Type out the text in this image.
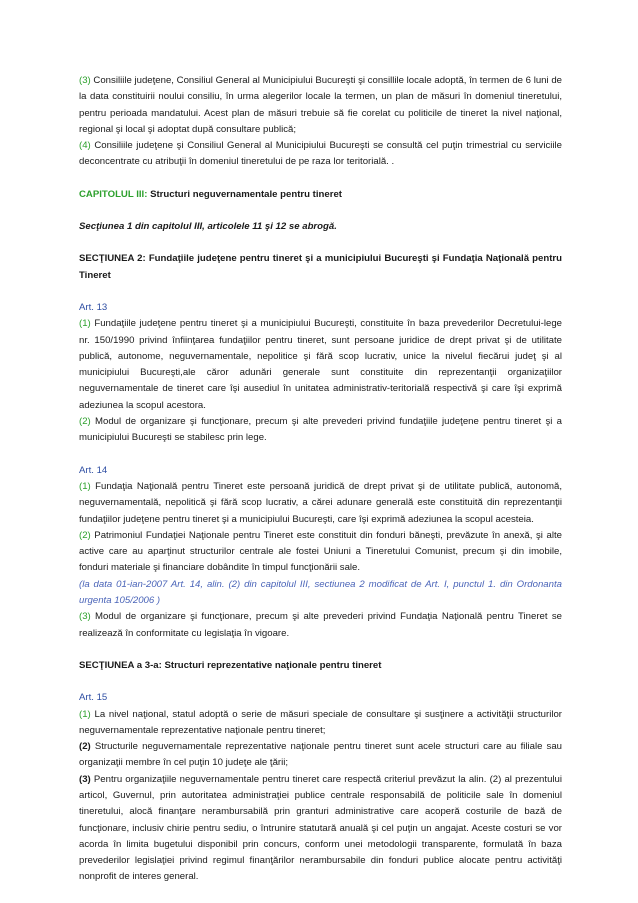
(3) Consiliile judeţene, Consiliul General al Municipiului Bucureşti şi consillile locale adoptă, în termen de 6 luni de la data constituirii noului consiliu, în urma alegerilor locale la termen, un plan de măsuri în domeniul tineretului, pentru perioada mandatului. Acest plan de măsuri trebuie să fie corelat cu politicile de tineret la nivel naţional, regional şi local şi adoptat după consultare publică;

(4) Consiliile judeţene şi Consiliul General al Municipiului Bucureşti se consultă cel puţin trimestrial cu serviciile deconcentrate cu atribuţii în domeniul tineretului de pe raza lor teritorială. .

CAPITOLUL III: Structuri neguvernamentale pentru tineret

Secţiunea 1 din capitolul III, articolele 11 şi 12 se abrogă.

SECŢIUNEA 2: Fundaţiile judeţene pentru tineret şi a municipiului Bucureşti şi Fundaţia Naţională pentru Tineret

Art. 13

(1) Fundaţiile judeţene pentru tineret şi a municipiului Bucureşti, constituite în baza prevederilor Decretului-lege nr. 150/1990 privind înfiinţarea fundaţiilor pentru tineret, sunt persoane juridice de drept privat şi de utilitate publică, autonome, neguvernamentale, nepolitice şi fără scop lucrativ, unice la nivelul fiecărui judeţ şi al municipiului Bucureşti,ale căror adunări generale sunt constituite din reprezentanţii organizaţiilor neguvernamentale de tineret care îşi ausediul în unitatea administrativ-teritorială respectivă şi care îşi exprimă adeziunea la scopul acestora.

(2) Modul de organizare şi funcţionare, precum şi alte prevederi privind fundaţiile judeţene pentru tineret şi a municipiului Bucureşti se stabilesc prin lege.

Art. 14

(1) Fundaţia Naţională pentru Tineret este persoană juridică de drept privat şi de utilitate publică, autonomă, neguvernamentală, nepolitică şi fără scop lucrativ, a cărei adunare generală este constituită din reprezentanţii fundaţiilor judeţene pentru tineret şi a municipiului Bucureşti, care îşi exprimă adeziunea la scopul acesteia.

(2) Patrimoniul Fundaţiei Naţionale pentru Tineret este constituit din fonduri băneşti, prevăzute în anexă, şi alte active care au aparţinut structurilor centrale ale fostei Uniuni a Tineretului Comunist, precum şi din imobile, fonduri materiale şi financiare dobândite în timpul funcţionării sale.

(la data 01-ian-2007 Art. 14, alin. (2) din capitolul III, sectiunea 2 modificat de Art. I, punctul 1. din Ordonanta urgenta 105/2006 )

(3) Modul de organizare şi funcţionare, precum şi alte prevederi privind Fundaţia Naţională pentru Tineret se realizează în conformitate cu legislaţia în vigoare.

SECŢIUNEA a 3-a: Structuri reprezentative naţionale pentru tineret

Art. 15

(1) La nivel naţional, statul adoptă o serie de măsuri speciale de consultare şi susţinere a activităţii structurilor neguvernamentale reprezentative naţionale pentru tineret;

(2) Structurile neguvernamentale reprezentative naţionale pentru tineret sunt acele structuri care au filiale sau organizaţii membre în cel puţin 10 judeţe ale ţării;

(3) Pentru organizaţiile neguvernamentale pentru tineret care respectă criteriul prevăzut la alin. (2) al prezentului articol, Guvernul, prin autoritatea administraţiei publice centrale responsabilă de politicile sale în domeniul tineretului, alocă finanţare nerambursabilă prin granturi administrative care acoperă costurile de bază de funcţionare, inclusiv chirie pentru sediu, o întrunire statutară anuală şi cel puţin un angajat. Aceste costuri se vor acorda în limita bugetului disponibil prin concurs, conform unei metodologii transparente, formulată în baza prevederilor legislaţiei privind regimul finanţărilor nerambursabile din fonduri publice alocate pentru activităţi nonprofit de interes general.
